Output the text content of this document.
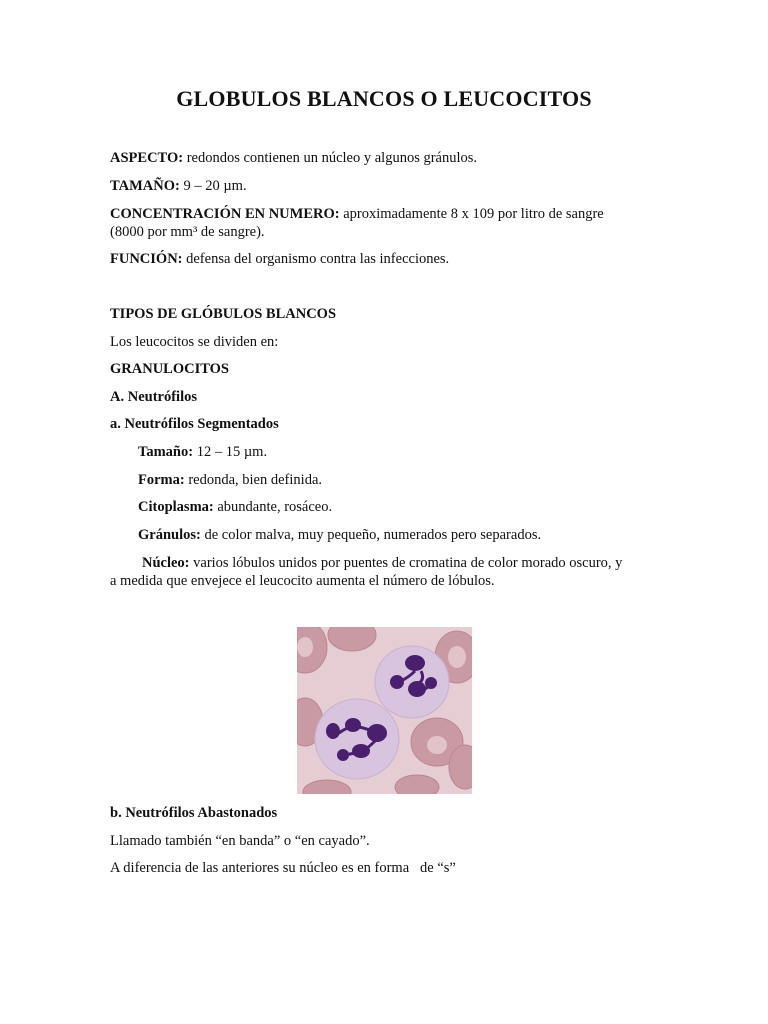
GLOBULOS BLANCOS O LEUCOCITOS

ASPECTO: redondos contienen un núcleo y algunos gránulos.

TAMAÑO: 9 – 20 µm.

CONCENTRACIÓN EN NUMERO: aproximadamente 8 x 109 por litro de sangre

(8000 por mm³ de sangre).

FUNCIÓN: defensa del organismo contra las infecciones.

TIPOS DE GLÓBULOS BLANCOS

Los leucocitos se dividen en:

GRANULOCITOS

A. Neutrófilos

a. Neutrófilos Segmentados

Tamaño: 12 – 15 µm.

Forma: redonda, bien definida.

Citoplasma: abundante, rosáceo.

Gránulos: de color malva, muy pequeño, numerados pero separados.

Núcleo: varios lóbulos unidos por puentes de cromatina de color morado oscuro, y

a medida que envejece el leucocito aumenta el número de lóbulos.

b. Neutrófilos Abastonados

Llamado también “en banda” o “en cayado”.

A diferencia de las anteriores su núcleo es en forma   de “s”
